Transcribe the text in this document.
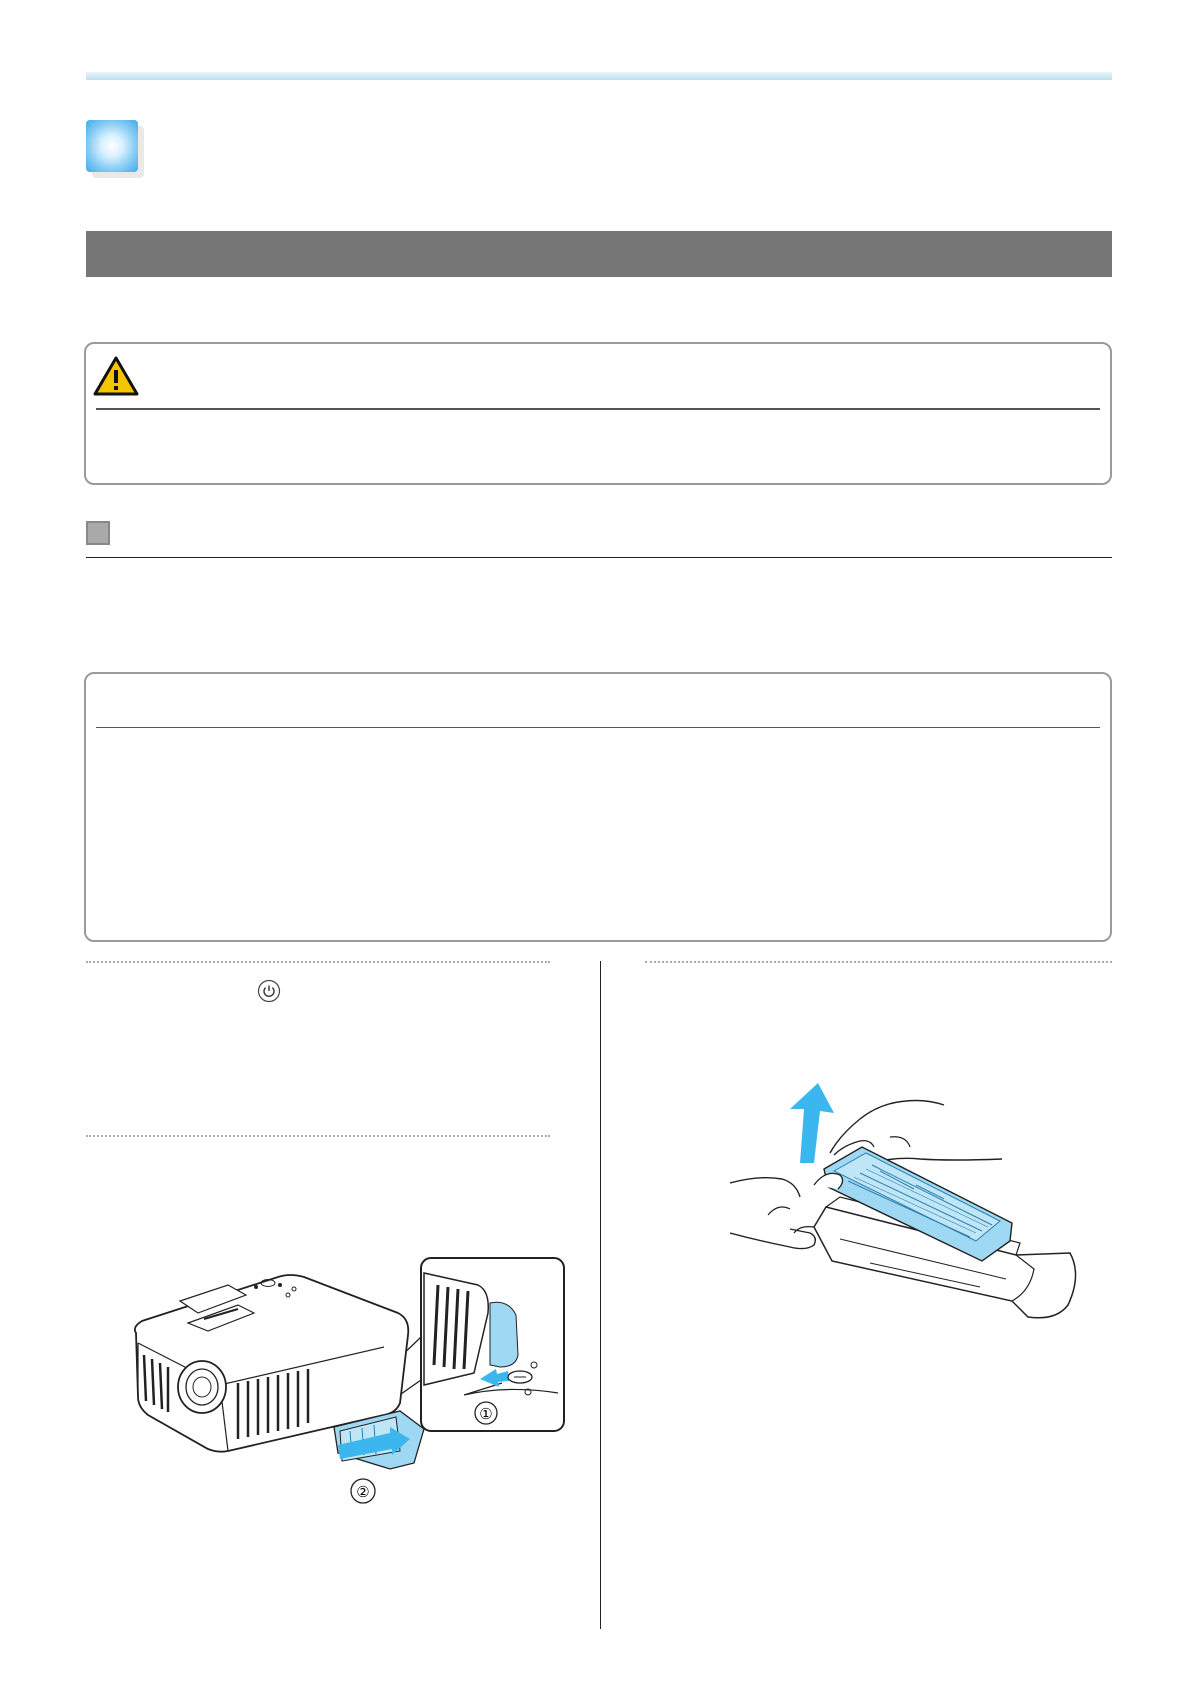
①
②
